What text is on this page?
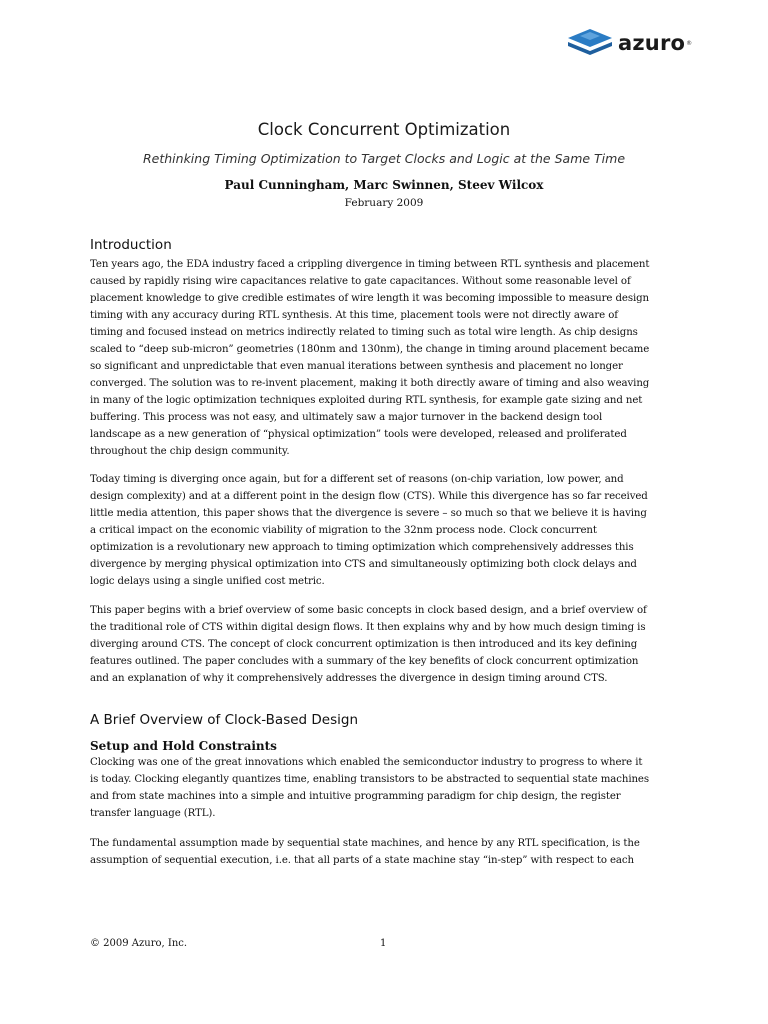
azuro ®
Clock Concurrent Optimization
Rethinking Timing Optimization to Target Clocks and Logic at the Same Time
Paul Cunningham, Marc Swinnen, Steev Wilcox
February 2009
Introduction
Ten years ago, the EDA industry faced a crippling divergence in timing between RTL synthesis and placement
caused by rapidly rising wire capacitances relative to gate capacitances. Without some reasonable level of
placement knowledge to give credible estimates of wire length it was becoming impossible to measure design
timing with any accuracy during RTL synthesis. At this time, placement tools were not directly aware of
timing and focused instead on metrics indirectly related to timing such as total wire length. As chip designs
scaled to “deep sub-micron” geometries (180nm and 130nm), the change in timing around placement became
so significant and unpredictable that even manual iterations between synthesis and placement no longer
converged. The solution was to re-invent placement, making it both directly aware of timing and also weaving
in many of the logic optimization techniques exploited during RTL synthesis, for example gate sizing and net
buffering. This process was not easy, and ultimately saw a major turnover in the backend design tool
landscape as a new generation of “physical optimization” tools were developed, released and proliferated
throughout the chip design community.
Today timing is diverging once again, but for a different set of reasons (on-chip variation, low power, and
design complexity) and at a different point in the design flow (CTS). While this divergence has so far received
little media attention, this paper shows that the divergence is severe – so much so that we believe it is having
a critical impact on the economic viability of migration to the 32nm process node. Clock concurrent
optimization is a revolutionary new approach to timing optimization which comprehensively addresses this
divergence by merging physical optimization into CTS and simultaneously optimizing both clock delays and
logic delays using a single unified cost metric.
This paper begins with a brief overview of some basic concepts in clock based design, and a brief overview of
the traditional role of CTS within digital design flows. It then explains why and by how much design timing is
diverging around CTS. The concept of clock concurrent optimization is then introduced and its key defining
features outlined. The paper concludes with a summary of the key benefits of clock concurrent optimization
and an explanation of why it comprehensively addresses the divergence in design timing around CTS.
A Brief Overview of Clock-Based Design
Setup and Hold Constraints
Clocking was one of the great innovations which enabled the semiconductor industry to progress to where it
is today. Clocking elegantly quantizes time, enabling transistors to be abstracted to sequential state machines
and from state machines into a simple and intuitive programming paradigm for chip design, the register
transfer language (RTL).
The fundamental assumption made by sequential state machines, and hence by any RTL specification, is the
assumption of sequential execution, i.e. that all parts of a state machine stay “in-step” with respect to each
© 2009 Azuro, Inc.	1
